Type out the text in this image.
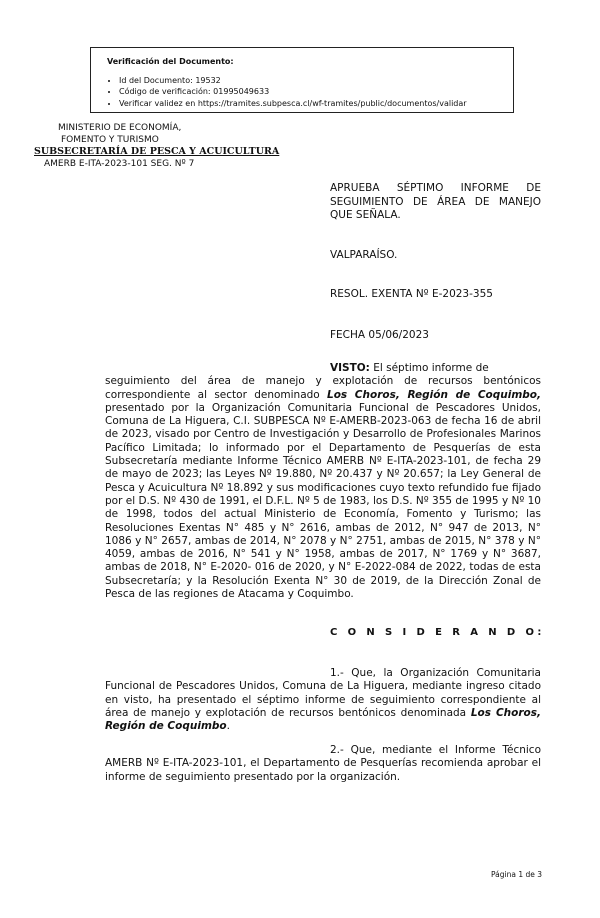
Verificación del Documento:
• Id del Documento: 19532
• Código de verificación: 01995049633
• Verificar validez en https://tramites.subpesca.cl/wf-tramites/public/documentos/validar
MINISTERIO DE ECONOMÍA,
FOMENTO Y TURISMO
SUBSECRETARÍA DE PESCA Y ACUICULTURA
AMERB E-ITA-2023-101 SEG. Nº 7
APRUEBA SÉPTIMO INFORME DE SEGUIMIENTO DE ÁREA DE MANEJO QUE SEÑALA.
VALPARAÍSO.
RESOL. EXENTA Nº E-2023-355
FECHA 05/06/2023
VISTO: El séptimo informe de
seguimiento del área de manejo y explotación de recursos bentónicos correspondiente al sector denominado Los Choros, Región de Coquimbo, presentado por la Organización Comunitaria Funcional de Pescadores Unidos, Comuna de La Higuera, C.I. SUBPESCA Nº E-AMERB-2023-063 de fecha 16 de abril de 2023, visado por Centro de Investigación y Desarrollo de Profesionales Marinos Pacífico Limitada; lo informado por el Departamento de Pesquerías de esta Subsecretaría mediante Informe Técnico AMERB Nº E-ITA-2023-101, de fecha 29 de mayo de 2023; las Leyes Nº 19.880, Nº 20.437 y Nº 20.657; la Ley General de Pesca y Acuicultura Nº 18.892 y sus modificaciones cuyo texto refundido fue fijado por el D.S. Nº 430 de 1991, el D.F.L. Nº 5 de 1983, los D.S. Nº 355 de 1995 y Nº 10 de 1998, todos del actual Ministerio de Economía, Fomento y Turismo; las Resoluciones Exentas N° 485 y N° 2616, ambas de 2012, N° 947 de 2013, N° 1086 y N° 2657, ambas de 2014, N° 2078 y N° 2751, ambas de 2015, N° 378 y N° 4059, ambas de 2016, N° 541 y N° 1958, ambas de 2017, N° 1769 y N° 3687, ambas de 2018, N° E-2020- 016 de 2020, y N° E-2022-084 de 2022, todas de esta Subsecretaría; y la Resolución Exenta N° 30 de 2019, de la Dirección Zonal de Pesca de las regiones de Atacama y Coquimbo.
C O N S I D E R A N D O:
1.- Que, la Organización Comunitaria
Funcional de Pescadores Unidos, Comuna de La Higuera, mediante ingreso citado en visto, ha presentado el séptimo informe de seguimiento correspondiente al área de manejo y explotación de recursos bentónicos denominada Los Choros, Región de Coquimbo.
2.- Que, mediante el Informe Técnico
AMERB Nº E-ITA-2023-101, el Departamento de Pesquerías recomienda aprobar el informe de seguimiento presentado por la organización.
Página 1 de 3
